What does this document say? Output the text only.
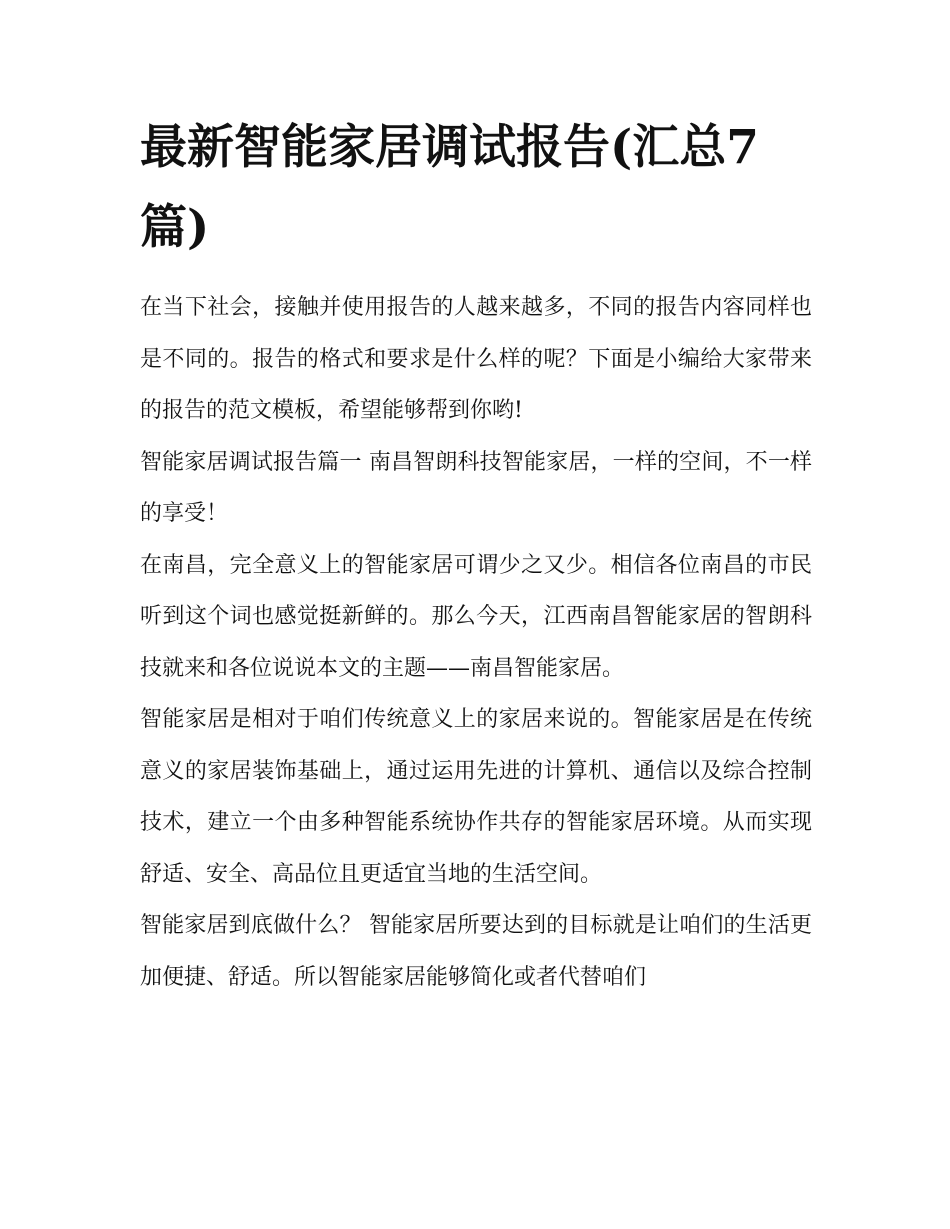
最新智能家居调试报告(汇总7篇)

在当下社会，接触并使用报告的人越来越多，不同的报告内容同样也是不同的。报告的格式和要求是什么样的呢？下面是小编给大家带来的报告的范文模板，希望能够帮到你哟!

智能家居调试报告篇一 南昌智朗科技智能家居，一样的空间，不一样的享受！

在南昌，完全意义上的智能家居可谓少之又少。相信各位南昌的市民听到这个词也感觉挺新鲜的。那么今天，江西南昌智能家居的智朗科技就来和各位说说本文的主题——南昌智能家居。

智能家居是相对于咱们传统意义上的家居来说的。智能家居是在传统意义的家居装饰基础上，通过运用先进的计算机、通信以及综合控制技术，建立一个由多种智能系统协作共存的智能家居环境。从而实现舒适、安全、高品位且更适宜当地的生活空间。

智能家居到底做什么？ 智能家居所要达到的目标就是让咱们的生活更加便捷、舒适。所以智能家居能够简化或者代替咱们
